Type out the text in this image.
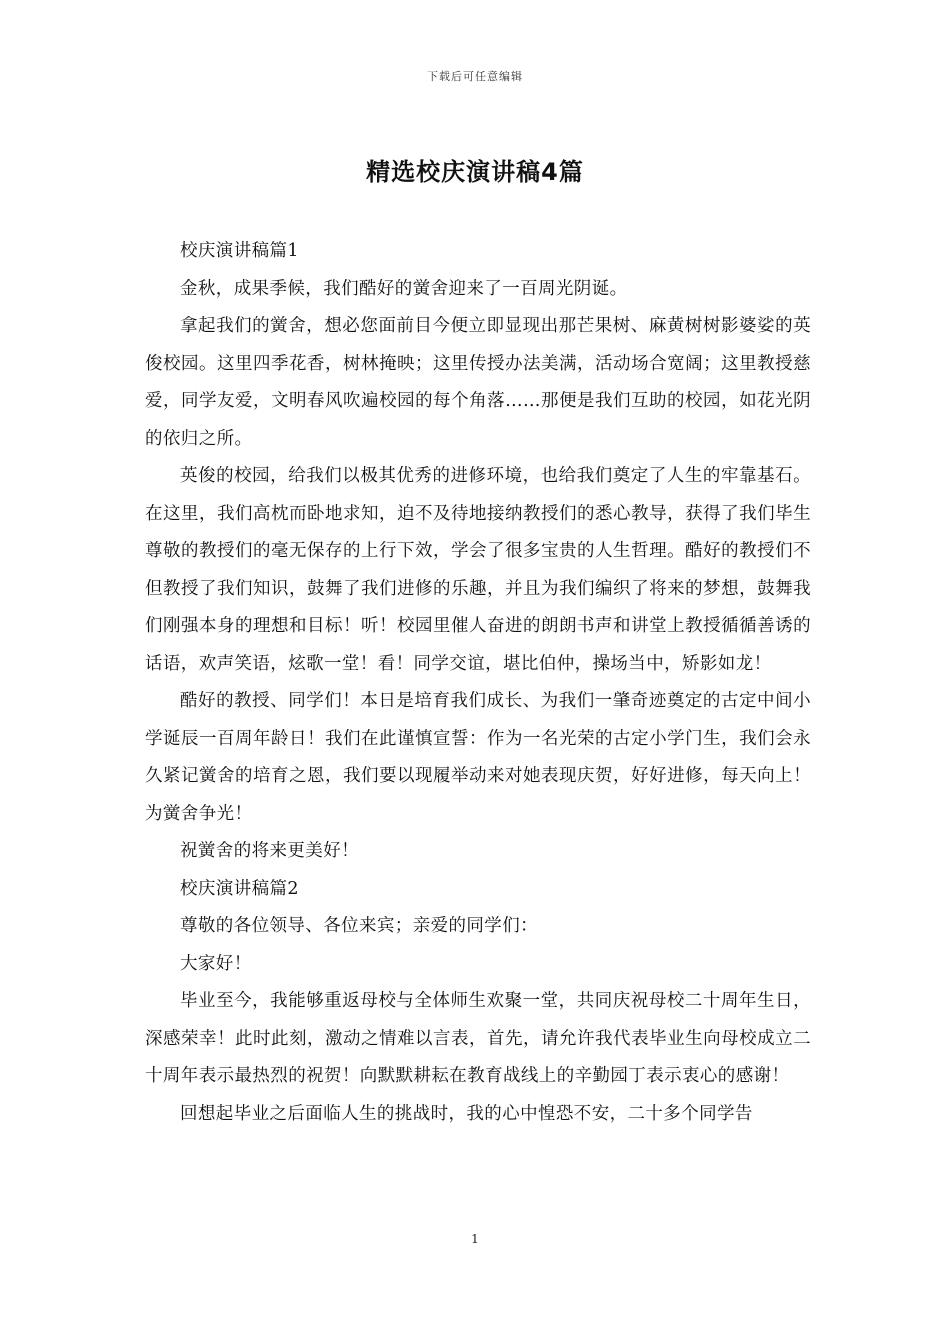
下载后可任意编辑
精选校庆演讲稿4篇

校庆演讲稿篇1

金秋，成果季候，我们酷好的黉舍迎来了一百周光阴诞。

拿起我们的黉舍，想必您面前目今便立即显现出那芒果树、麻黄树树影婆娑的英俊校园。这里四季花香，树林掩映；这里传授办法美满，活动场合宽阔；这里教授慈爱，同学友爱，文明春风吹遍校园的每个角落……那便是我们互助的校园，如花光阴的依归之所。

英俊的校园，给我们以极其优秀的进修环境，也给我们奠定了人生的牢靠基石。在这里，我们高枕而卧地求知，迫不及待地接纳教授们的悉心教导，获得了我们毕生尊敬的教授们的毫无保存的上行下效，学会了很多宝贵的人生哲理。酷好的教授们不但教授了我们知识，鼓舞了我们进修的乐趣，并且为我们编织了将来的梦想，鼓舞我们刚强本身的理想和目标！听！校园里催人奋进的朗朗书声和讲堂上教授循循善诱的话语，欢声笑语，炫歌一堂！看！同学交谊，堪比伯仲，操场当中，矫影如龙！

酷好的教授、同学们！本日是培育我们成长、为我们一肇奇迹奠定的古定中间小学诞辰一百周年龄日！我们在此谨慎宣誓：作为一名光荣的古定小学门生，我们会永久紧记黉舍的培育之恩，我们要以现履举动来对她表现庆贺，好好进修，每天向上！为黉舍争光！

祝黉舍的将来更美好！

校庆演讲稿篇2

尊敬的各位领导、各位来宾；亲爱的同学们：

大家好！

毕业至今，我能够重返母校与全体师生欢聚一堂，共同庆祝母校二十周年生日，深感荣幸！此时此刻，激动之情难以言表，首先，请允许我代表毕业生向母校成立二十周年表示最热烈的祝贺！向默默耕耘在教育战线上的辛勤园丁表示衷心的感谢！

回想起毕业之后面临人生的挑战时，我的心中惶恐不安，二十多个同学告

1
